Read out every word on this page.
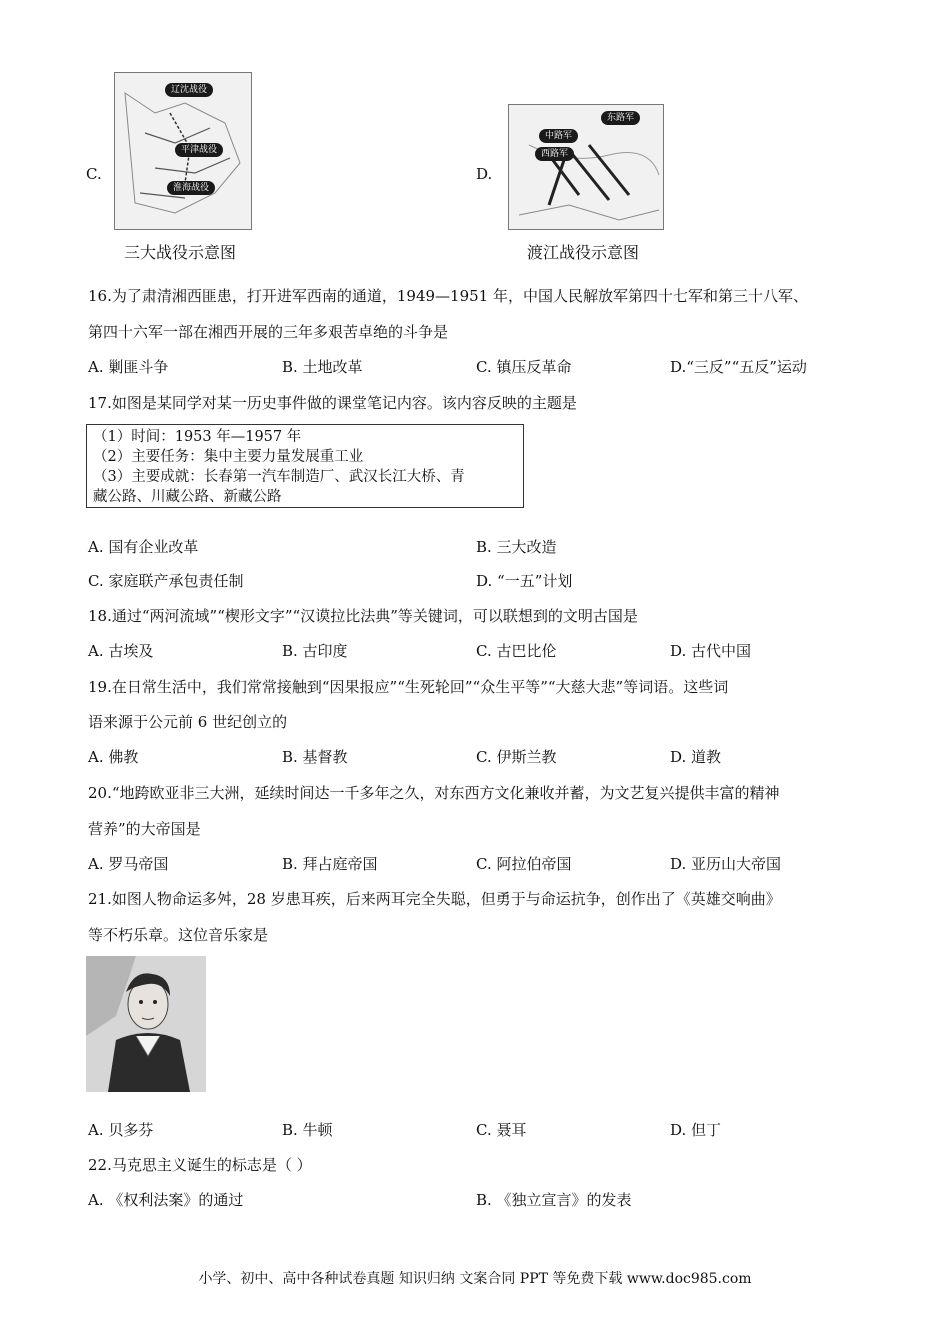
C.
辽沈战役
平津战役
淮海战役
三大战役示意图
D.
东路军
中路军
西路军
渡江战役示意图
16.为了肃清湘西匪患，打开进军西南的通道，1949—1951 年，中国人民解放军第四十七军和第三十八军、
第四十六军一部在湘西开展的三年多艰苦卓绝的斗争是
A. 剿匪斗争	B. 土地改革	C. 镇压反革命	D.“三反”“五反”运动
17.如图是某同学对某一历史事件做的课堂笔记内容。该内容反映的主题是
（1）时间：1953 年—1957 年
（2）主要任务：集中主要力量发展重工业
（3）主要成就：长春第一汽车制造厂、武汉长江大桥、青
藏公路、川藏公路、新藏公路
A. 国有企业改革	B. 三大改造
C. 家庭联产承包责任制	D. “一五”计划
18.通过“两河流域”“楔形文字”“汉谟拉比法典”等关键词，可以联想到的文明古国是
A. 古埃及	B. 古印度	C. 古巴比伦	D. 古代中国
19.在日常生活中，我们常常接触到“因果报应”“生死轮回”“众生平等”“大慈大悲”等词语。这些词
语来源于公元前 6 世纪创立的
A. 佛教	B. 基督教	C. 伊斯兰教	D. 道教
20.“地跨欧亚非三大洲，延续时间达一千多年之久，对东西方文化兼收并蓄，为文艺复兴提供丰富的精神
营养”的大帝国是
A. 罗马帝国	B. 拜占庭帝国	C. 阿拉伯帝国	D. 亚历山大帝国
21.如图人物命运多舛，28 岁患耳疾，后来两耳完全失聪，但勇于与命运抗争，创作出了《英雄交响曲》
等不朽乐章。这位音乐家是
A. 贝多芬	B. 牛顿	C. 聂耳	D. 但丁
22.马克思主义诞生的标志是（ ）
A. 《权利法案》的通过	B. 《独立宣言》的发表
小学、初中、高中各种试卷真题 知识归纳 文案合同 PPT 等免费下载 www.doc985.com
